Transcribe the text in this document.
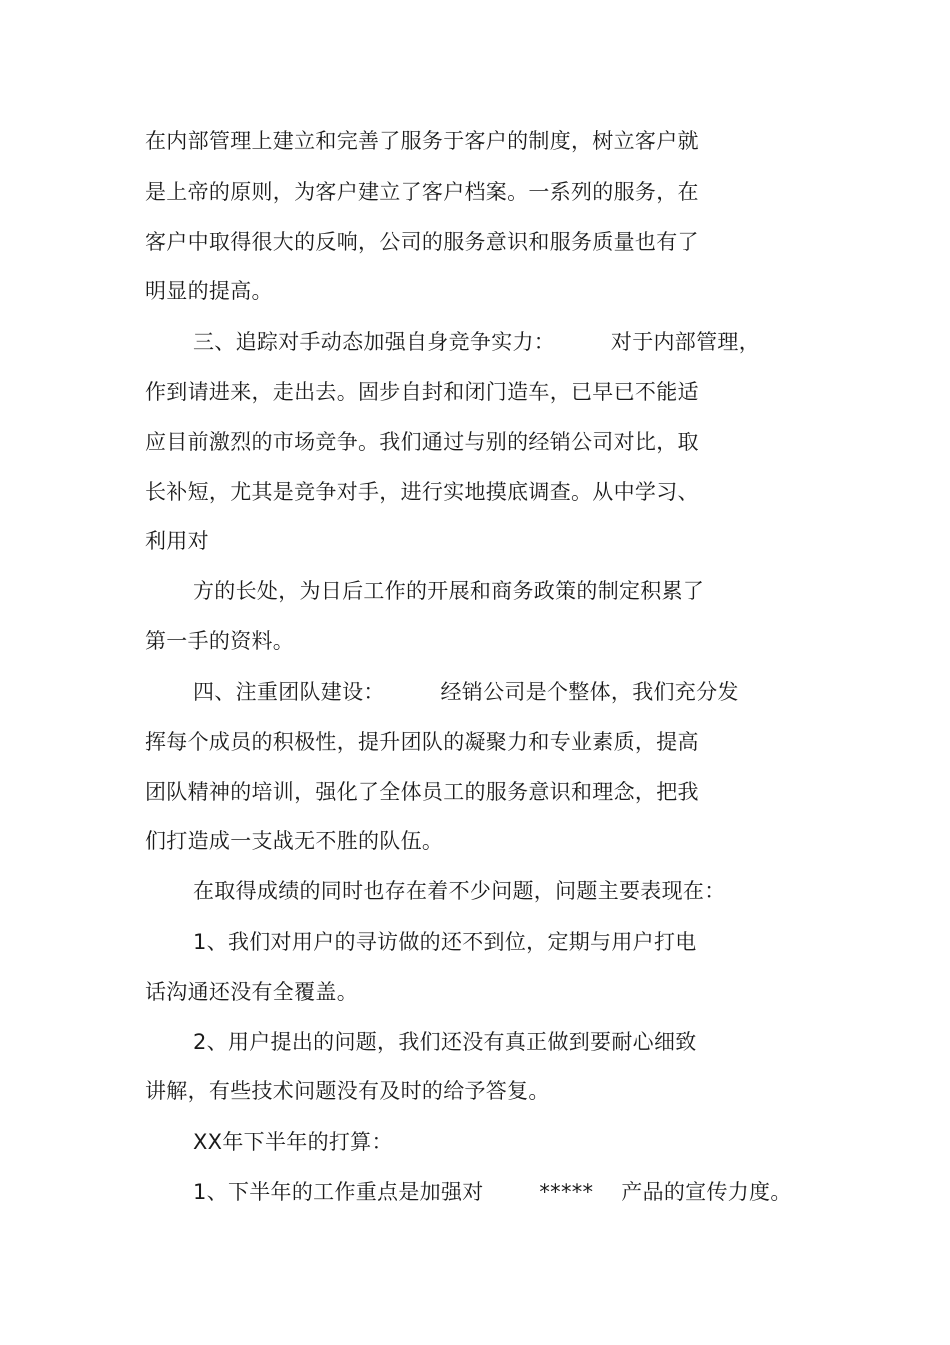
在内部管理上建立和完善了服务于客户的制度，树立客户就
是上帝的原则，为客户建立了客户档案。一系列的服务，在
客户中取得很大的反响，公司的服务意识和服务质量也有了
明显的提高。
三、追踪对手动态加强自身竞争实力：        对于内部管理，
作到请进来，走出去。固步自封和闭门造车，已早已不能适
应目前激烈的市场竞争。我们通过与别的经销公司对比，取
长补短，尤其是竞争对手，进行实地摸底调查。从中学习、
利用对
方的长处，为日后工作的开展和商务政策的制定积累了
第一手的资料。
四、注重团队建设：        经销公司是个整体，我们充分发
挥每个成员的积极性，提升团队的凝聚力和专业素质，提高
团队精神的培训，强化了全体员工的服务意识和理念，把我
们打造成一支战无不胜的队伍。
在取得成绩的同时也存在着不少问题，问题主要表现在：
1、我们对用户的寻访做的还不到位，定期与用户打电
话沟通还没有全覆盖。
2、用户提出的问题，我们还没有真正做到要耐心细致
讲解，有些技术问题没有及时的给予答复。
XX年下半年的打算：
1、下半年的工作重点是加强对        *****    产品的宣传力度。
